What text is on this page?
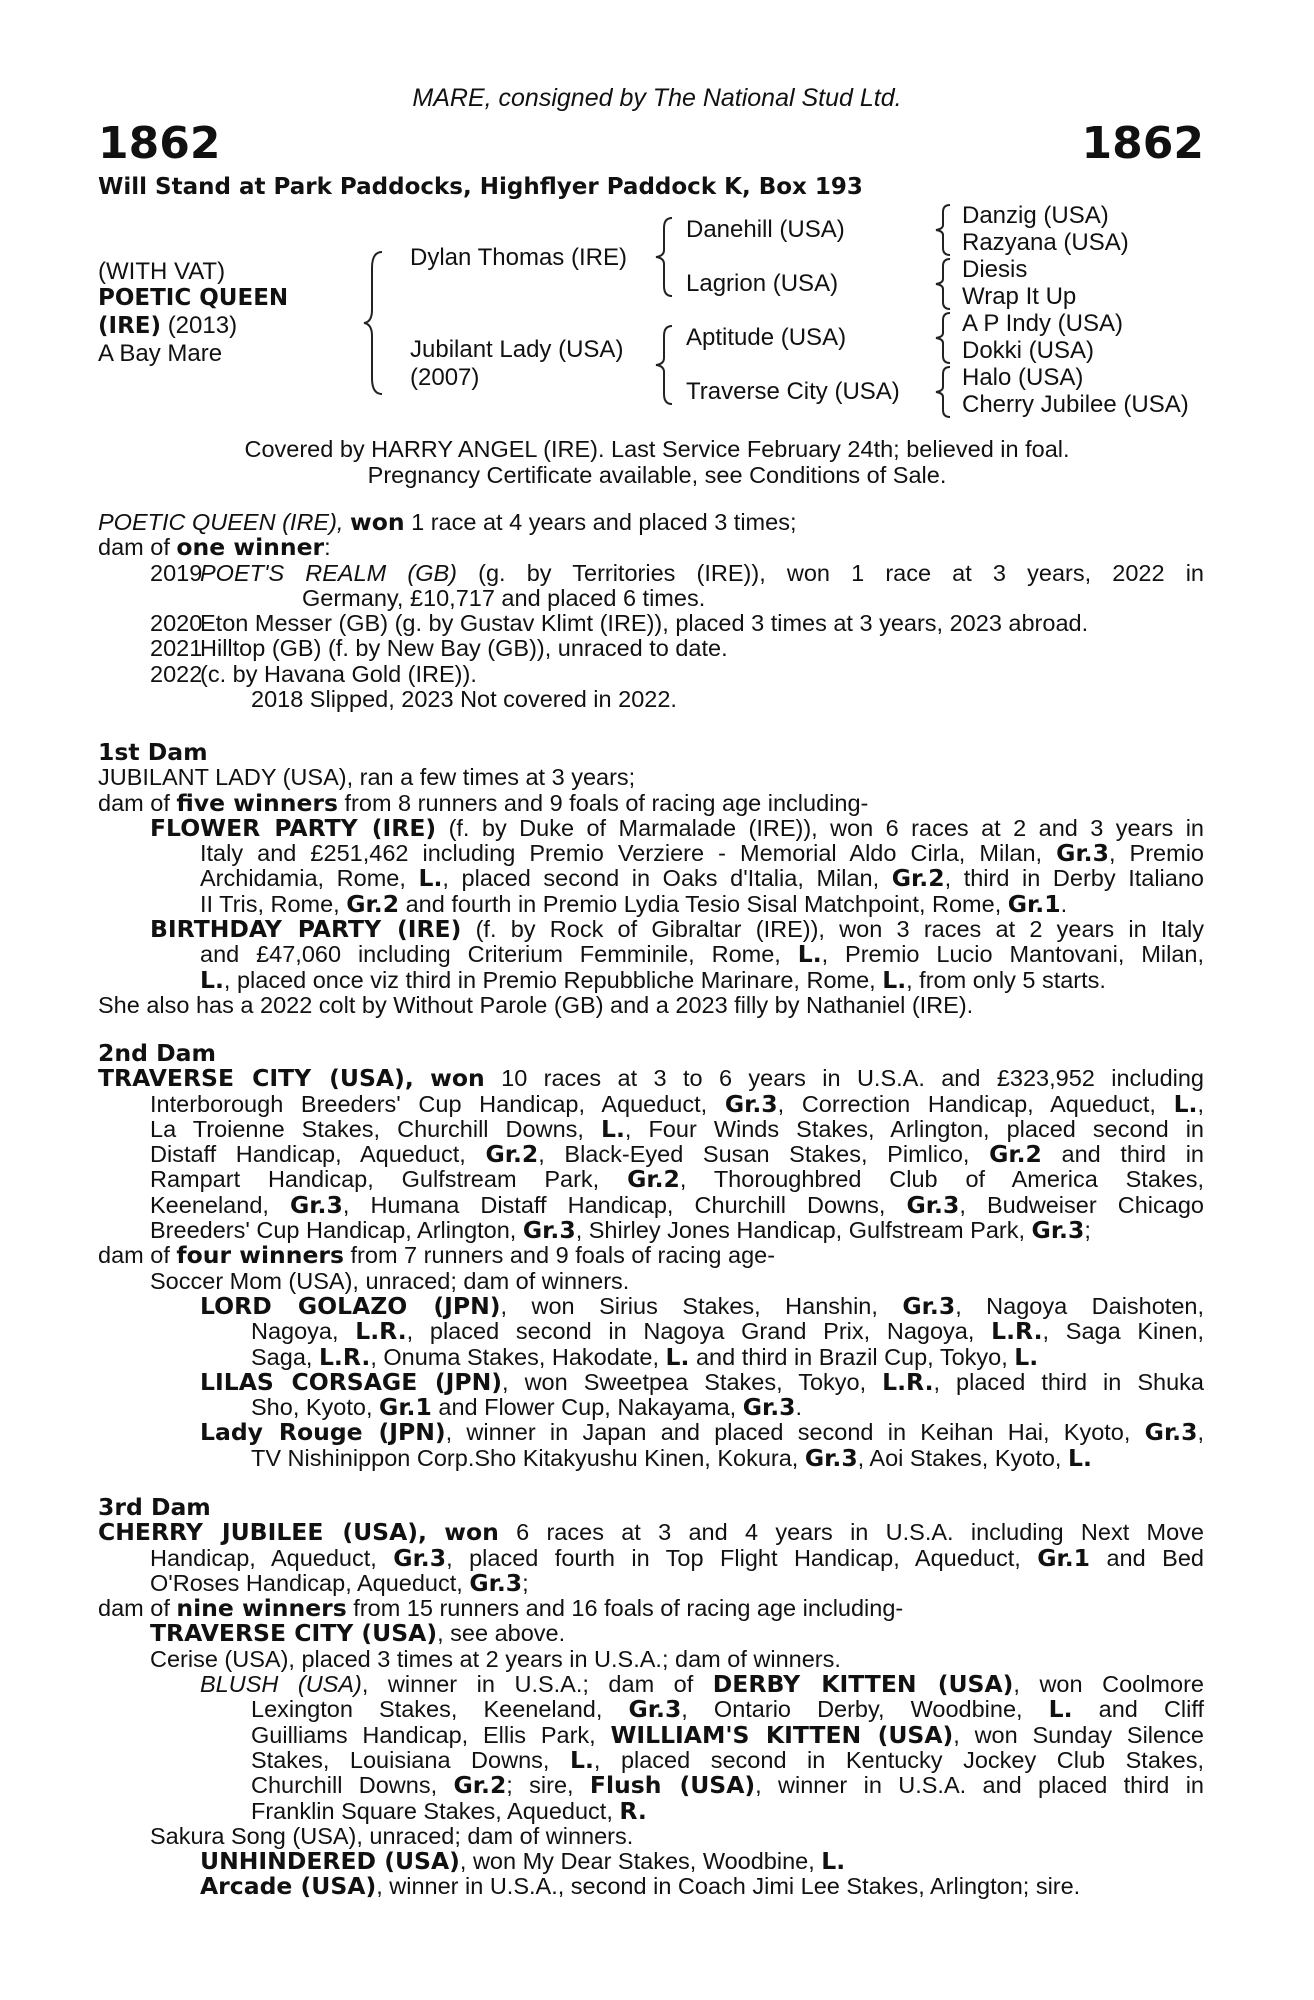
MARE, consigned by The National Stud Ltd.
1862	1862
Will Stand at Park Paddocks, Highflyer Paddock K, Box 193
(WITH VAT)
POETIC QUEEN
(IRE) (2013)
A Bay Mare
Dylan Thomas (IRE)
Jubilant Lady (USA)
(2007)
Danehill (USA)
Lagrion (USA)
Aptitude (USA)
Traverse City (USA)
Danzig (USA)
Razyana (USA)
Diesis
Wrap It Up
A P Indy (USA)
Dokki (USA)
Halo (USA)
Cherry Jubilee (USA)
Covered by HARRY ANGEL (IRE). Last Service February 24th; believed in foal.
Pregnancy Certificate available, see Conditions of Sale.
POETIC QUEEN (IRE), won 1 race at 4 years and placed 3 times;
dam of one winner:
2019POET'S REALM (GB) (g. by Territories (IRE)), won 1 race at 3 years, 2022 in
Germany, £10,717 and placed 6 times.
2020Eton Messer (GB) (g. by Gustav Klimt (IRE)), placed 3 times at 3 years, 2023 abroad.
2021Hilltop (GB) (f. by New Bay (GB)), unraced to date.
2022(c. by Havana Gold (IRE)).
2018 Slipped, 2023 Not covered in 2022.
1st Dam
JUBILANT LADY (USA), ran a few times at 3 years;
dam of five winners from 8 runners and 9 foals of racing age including-
FLOWER PARTY (IRE) (f. by Duke of Marmalade (IRE)), won 6 races at 2 and 3 years in
Italy and £251,462 including Premio Verziere - Memorial Aldo Cirla, Milan, Gr.3, Premio
Archidamia, Rome, L., placed second in Oaks d'Italia, Milan, Gr.2, third in Derby Italiano
II Tris, Rome, Gr.2 and fourth in Premio Lydia Tesio Sisal Matchpoint, Rome, Gr.1.
BIRTHDAY PARTY (IRE) (f. by Rock of Gibraltar (IRE)), won 3 races at 2 years in Italy
and £47,060 including Criterium Femminile, Rome, L., Premio Lucio Mantovani, Milan,
L., placed once viz third in Premio Repubbliche Marinare, Rome, L., from only 5 starts.
She also has a 2022 colt by Without Parole (GB) and a 2023 filly by Nathaniel (IRE).
2nd Dam
TRAVERSE CITY (USA), won 10 races at 3 to 6 years in U.S.A. and £323,952 including
Interborough Breeders' Cup Handicap, Aqueduct, Gr.3, Correction Handicap, Aqueduct, L.,
La Troienne Stakes, Churchill Downs, L., Four Winds Stakes, Arlington, placed second in
Distaff Handicap, Aqueduct, Gr.2, Black-Eyed Susan Stakes, Pimlico, Gr.2 and third in
Rampart Handicap, Gulfstream Park, Gr.2, Thoroughbred Club of America Stakes,
Keeneland, Gr.3, Humana Distaff Handicap, Churchill Downs, Gr.3, Budweiser Chicago
Breeders' Cup Handicap, Arlington, Gr.3, Shirley Jones Handicap, Gulfstream Park, Gr.3;
dam of four winners from 7 runners and 9 foals of racing age-
Soccer Mom (USA), unraced; dam of winners.
LORD GOLAZO (JPN), won Sirius Stakes, Hanshin, Gr.3, Nagoya Daishoten,
Nagoya, L.R., placed second in Nagoya Grand Prix, Nagoya, L.R., Saga Kinen,
Saga, L.R., Onuma Stakes, Hakodate, L. and third in Brazil Cup, Tokyo, L.
LILAS CORSAGE (JPN), won Sweetpea Stakes, Tokyo, L.R., placed third in Shuka
Sho, Kyoto, Gr.1 and Flower Cup, Nakayama, Gr.3.
Lady Rouge (JPN), winner in Japan and placed second in Keihan Hai, Kyoto, Gr.3,
TV Nishinippon Corp.Sho Kitakyushu Kinen, Kokura, Gr.3, Aoi Stakes, Kyoto, L.
3rd Dam
CHERRY JUBILEE (USA), won 6 races at 3 and 4 years in U.S.A. including Next Move
Handicap, Aqueduct, Gr.3, placed fourth in Top Flight Handicap, Aqueduct, Gr.1 and Bed
O'Roses Handicap, Aqueduct, Gr.3;
dam of nine winners from 15 runners and 16 foals of racing age including-
TRAVERSE CITY (USA), see above.
Cerise (USA), placed 3 times at 2 years in U.S.A.; dam of winners.
BLUSH (USA), winner in U.S.A.; dam of DERBY KITTEN (USA), won Coolmore
Lexington Stakes, Keeneland, Gr.3, Ontario Derby, Woodbine, L. and Cliff
Guilliams Handicap, Ellis Park, WILLIAM'S KITTEN (USA), won Sunday Silence
Stakes, Louisiana Downs, L., placed second in Kentucky Jockey Club Stakes,
Churchill Downs, Gr.2; sire, Flush (USA), winner in U.S.A. and placed third in
Franklin Square Stakes, Aqueduct, R.
Sakura Song (USA), unraced; dam of winners.
UNHINDERED (USA), won My Dear Stakes, Woodbine, L.
Arcade (USA), winner in U.S.A., second in Coach Jimi Lee Stakes, Arlington; sire.
